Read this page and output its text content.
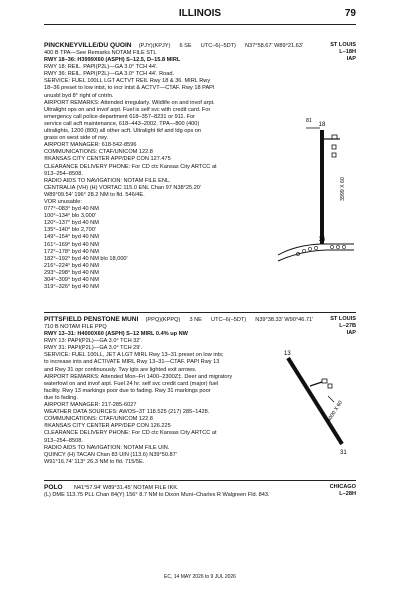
ILLINOIS	79
PINCKNEYVILLE/DU QUOIN (PJY)(KPJY) 6 SE UTC–6(–5DT) N37°58.67′ W89°21.63′	ST LOUIS
L–18H
IAP
400 B TPA—See Remarks NOTAM FILE STL
RWY 18–36: H3999X60 (ASPH) S–12.5, D–15.8 MIRL
RWY 18: REIL. PAPI(P2L)—GA 3.0° TCH 44′.
RWY 36: REIL. PAPI(P2L)—GA 3.0° TCH 44′. Road.
SERVICE: FUEL 100LL LGT ACTVT REIL Rwy 18 & 36. MIRL Rwy
18–36 preset to low intst, to incr intst & ACTVT—CTAF. Rwy 18 PAPI
unusbl byd 8° right of cntrln.
AIRPORT REMARKS: Attended irregularly. Wildlife on and invof arpt.
Ultralight ops on and invof arpt. Fuel is self svc with credit card. For
emergency call police department 618–357–8231 or 911. For
service call acft maintenance, 618–443–2002. TPA—800 (400)
ultralights, 1200 (800) all other acft. Ultralight tkf and ldg ops on
grass on west side of rwy.
AIRPORT MANAGER: 618-542-8596
COMMUNICATIONS: CTAF/UNICOM 122.8
®KANSAS CITY CENTER APP/DEP CON 127.475
CLEARANCE DELIVERY PHONE: For CD ctc Kansas City ARTCC at
913–254–8508.
RADIO AIDS TO NAVIGATION: NOTAM FILE ENL.
CENTRALIA (VH) (H) VORTAC 115.0 ENL Chan 97 N38°25.20′
W89°09.54′ 196° 28.2 NM to fld. 546/4E.
VOR unusable:
077°–083° byd 40 NM
100°–134° blo 3,000′
120°–137° byd 40 NM
135°–140° blo 2,700′
149°–154° byd 40 NM
161°–169° byd 40 NM
172°–178° byd 40 NM
182°–192° byd 40 NM blo 18,000′
216°–224° byd 40 NM
293°–298° byd 40 NM
304°–309° byd 40 NM
319°–326° byd 40 NM
18
36
81
3999 X 60
PITTSFIELD PENSTONE MUNI (PPQ)(KPPQ) 3 NE UTC–6(–5DT) N39°38.33′ W90°46.71′	ST LOUIS
L–27B
IAP
710 B NOTAM FILE PPQ
RWY 13–31: H4000X60 (ASPH) S–12 MIRL 0.4% up NW
RWY 13: PAPI(P2L)—GA 3.0° TCH 32′.
RWY 31: PAPI(P2L)—GA 3.0° TCH 29′.
SERVICE: FUEL 100LL, JET A LGT MIRL Rwy 13–31 preset on low ints;
to increase ints and ACTIVATE MIRL Rwy 13–31—CTAF. PAPI Rwy 13
and Rwy 31 opr continuously. Twy lgts are lighted exit arrows.
AIRPORT REMARKS: Attended Mon–Fri 1400–2300Z‡. Deer and migratory
waterfowl on and invof arpt. Fuel 24 hr. self svc credit card (major) fuel
facility. Rwy 13 markings poor due to fading. Rwy 31 markings poor
due to fading.
AIRPORT MANAGER: 217-285-6027
WEATHER DATA SOURCES: AWOS–3T 118.525 (217) 285–1428.
COMMUNICATIONS: CTAF/UNICOM 122.8
®KANSAS CITY CENTER APP/DEP CON 126.225
CLEARANCE DELIVERY PHONE: For CD ctc Kansas City ARTCC at
913–254–8508.
RADIO AIDS TO NAVIGATION: NOTAM FILE UIN.
QUINCY (H) TACAN Chan 83 UIN (113.6) N39°50.87′
W91°16.74′ 113° 26.3 NM to fld. 715/5E.
13
31
4000 X 60
POLO N41°57.94′ W89°31.45′ NOTAM FILE IKK.
(L) DME 113.75 PLL Chan 84(Y) 156° 8.7 NM to Dixon Muni–Charles R Walgreen Fld. 843.
CHICAGO
L–28H
EC, 14 MAY 2026 to 9 JUL 2026
